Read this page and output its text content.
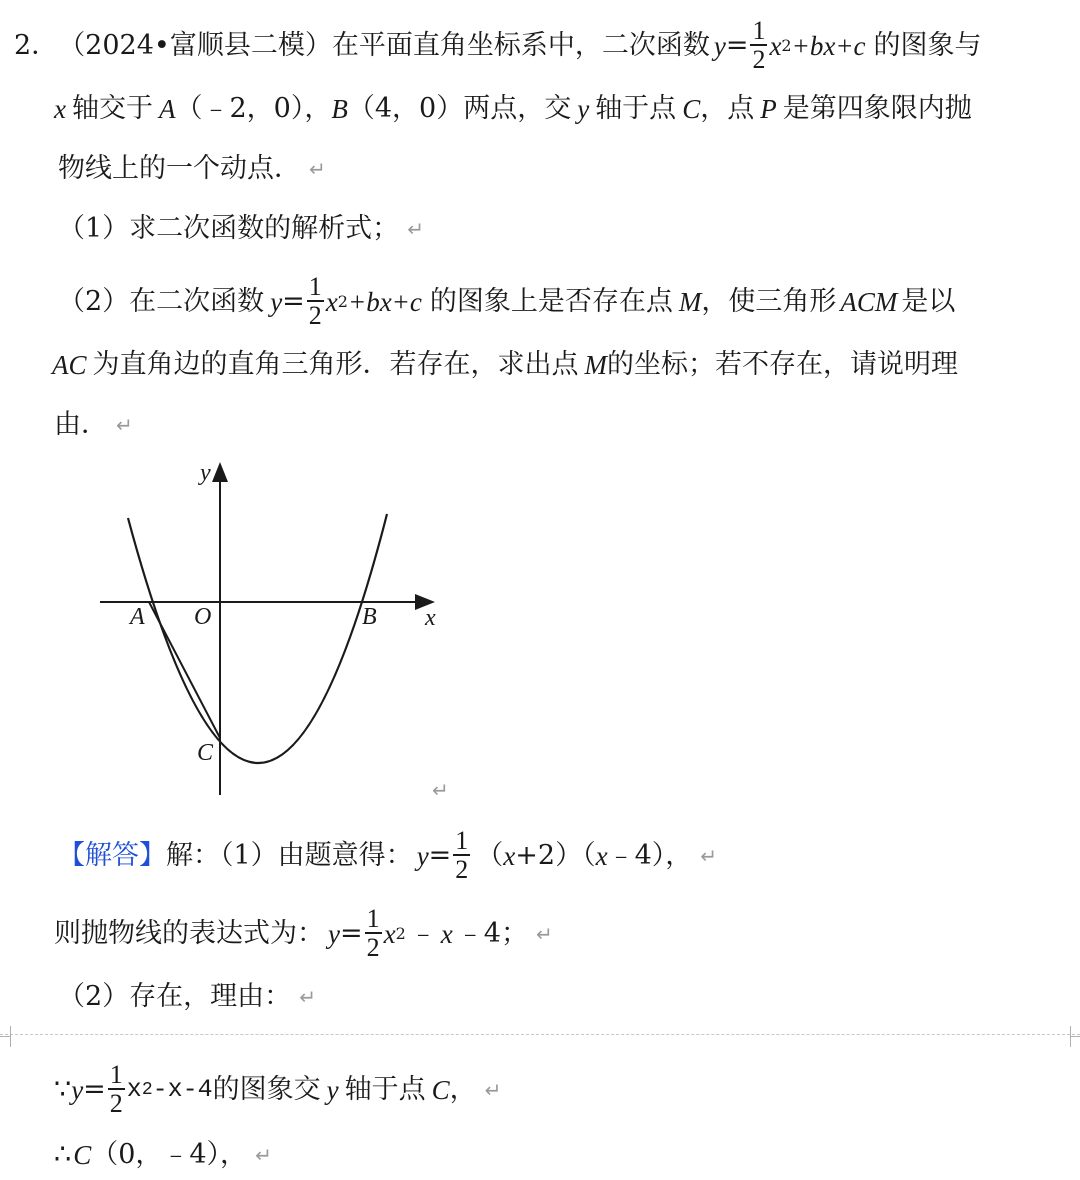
2． （2024•富顺县二模） 在平面直角坐标系中，二次函数 $y = \frac{1}{2}$ x 2 +bx+c 的图象与
x 轴交于 A （﹣2，0）， B （4，0）两点，交 y 轴于点 C ，点 P 是第四象限内抛
物线上的一个动点． ↵
（1）求二次函数的解析式； ↵
（2）在二次函数 $y = \frac{1}{2}$ x 2 +bx+c 的图象上是否存在点 M ，使三角形 ACM 是以
AC 为直角边的直角三角形．若存在，求出点 M 的坐标；若不存在，请说明理
由． ↵
y
x
O
A	B
C
↵
【解答】 解：（1）由题意得： $y = \frac{1}{2}$ （ x +2）（ x ﹣4）， ↵
则抛物线的表达式为： $y = \frac{1}{2}$ x 2 ﹣ x ﹣4； ↵
（2）存在，理由： ↵
∵ $y = \frac{1}{2}$ x 2 -x-4 的图象交 y 轴于点 C ， ↵
∴ C （0，﹣4）， ↵
